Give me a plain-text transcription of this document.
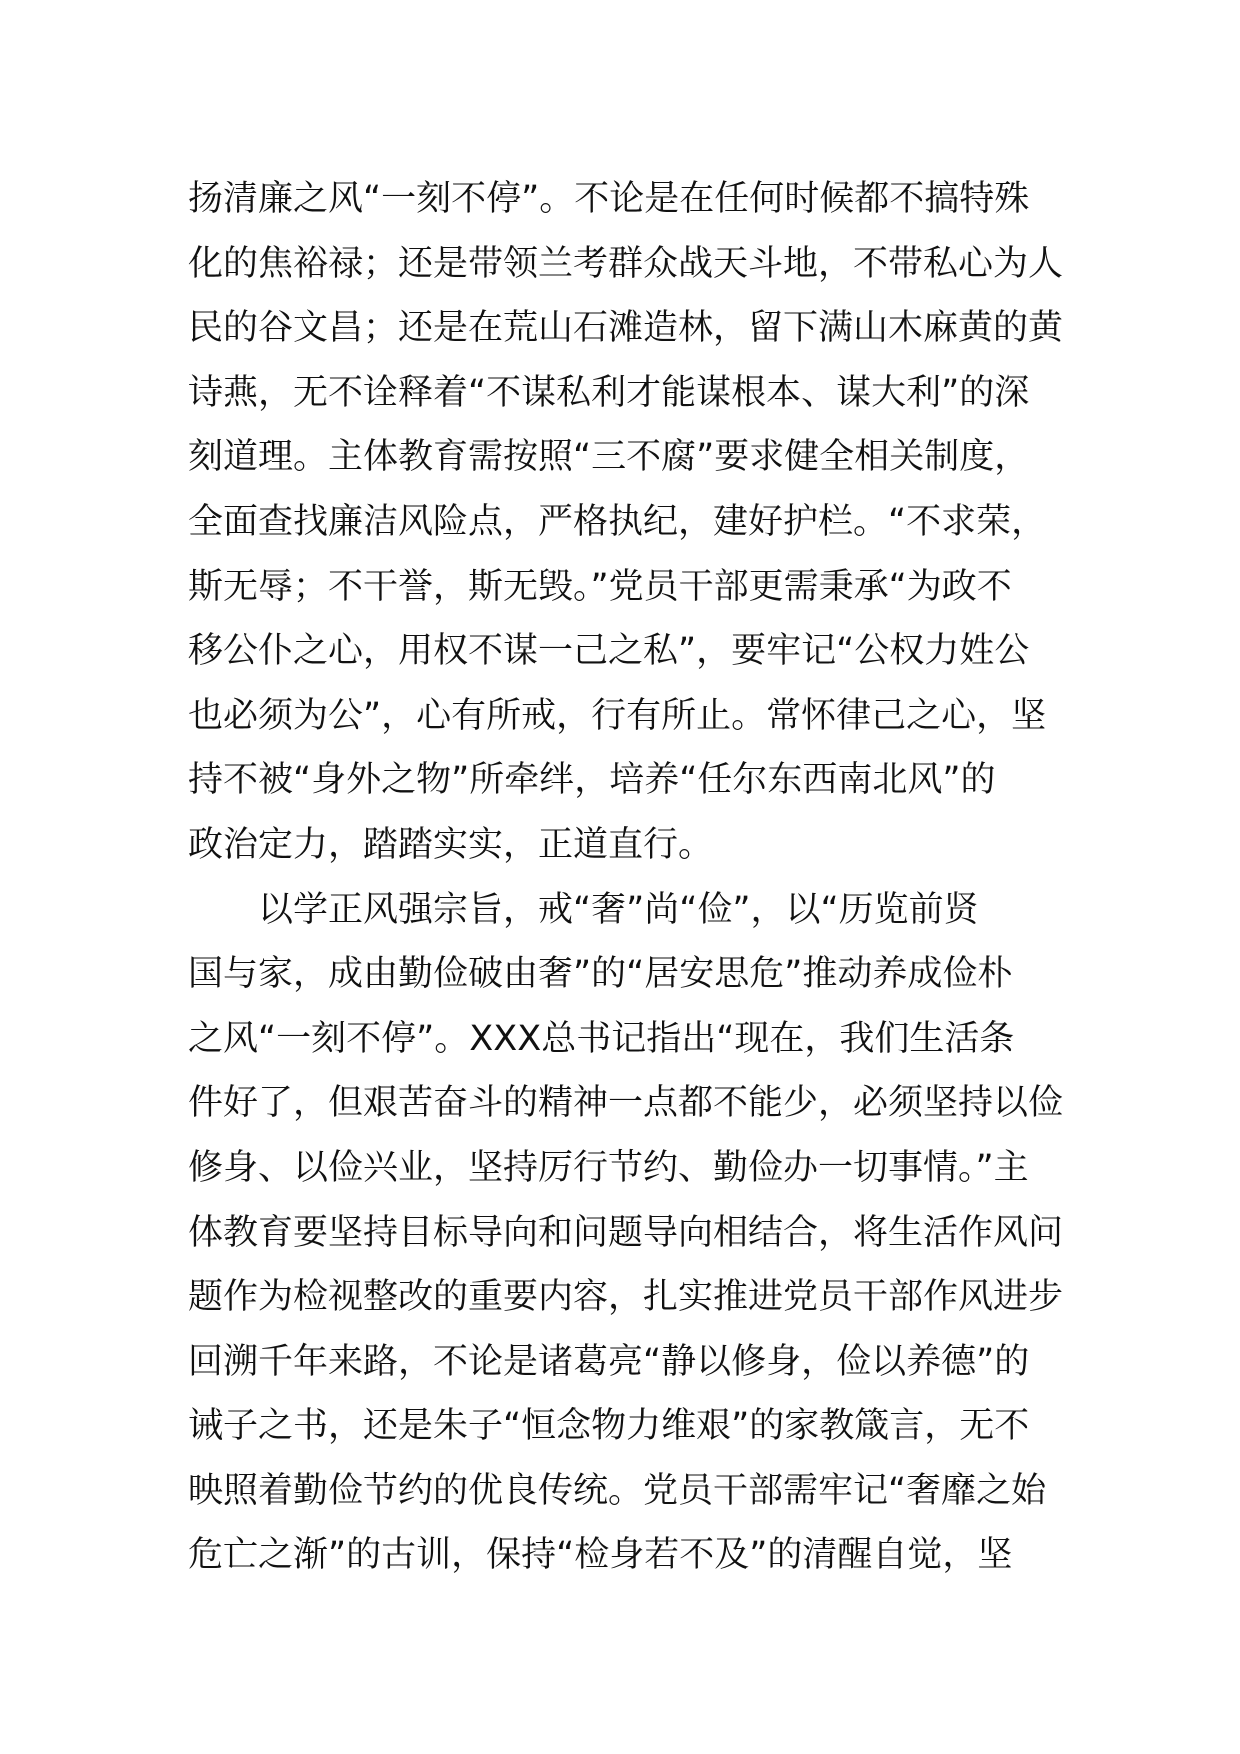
扬清廉之风“一刻不停”。不论是在任何时候都不搞特殊
化的焦裕禄；还是带领兰考群众战天斗地，不带私心为人
民的谷文昌；还是在荒山石滩造林，留下满山木麻黄的黄
诗燕，无不诠释着“不谋私利才能谋根本、谋大利”的深
刻道理。主体教育需按照“三不腐”要求健全相关制度，
全面查找廉洁风险点，严格执纪，建好护栏。“不求荣，
斯无辱；不干誉，斯无毁。”党员干部更需秉承“为政不
移公仆之心，用权不谋一己之私”，要牢记“公权力姓公
也必须为公”，心有所戒，行有所止。常怀律己之心，坚
持不被“身外之物”所牵绊，培养“任尔东西南北风”的
政治定力，踏踏实实，正道直行。
以学正风强宗旨，戒“奢”尚“俭”，以“历览前贤
国与家，成由勤俭破由奢”的“居安思危”推动养成俭朴
之风“一刻不停”。XXX总书记指出“现在，我们生活条
件好了，但艰苦奋斗的精神一点都不能少，必须坚持以俭
修身、以俭兴业，坚持厉行节约、勤俭办一切事情。”主
体教育要坚持目标导向和问题导向相结合，将生活作风问
题作为检视整改的重要内容，扎实推进党员干部作风进步
回溯千年来路，不论是诸葛亮“静以修身，俭以养德”的
诫子之书，还是朱子“恒念物力维艰”的家教箴言，无不
映照着勤俭节约的优良传统。党员干部需牢记“奢靡之始
危亡之渐”的古训，保持“检身若不及”的清醒自觉，坚
